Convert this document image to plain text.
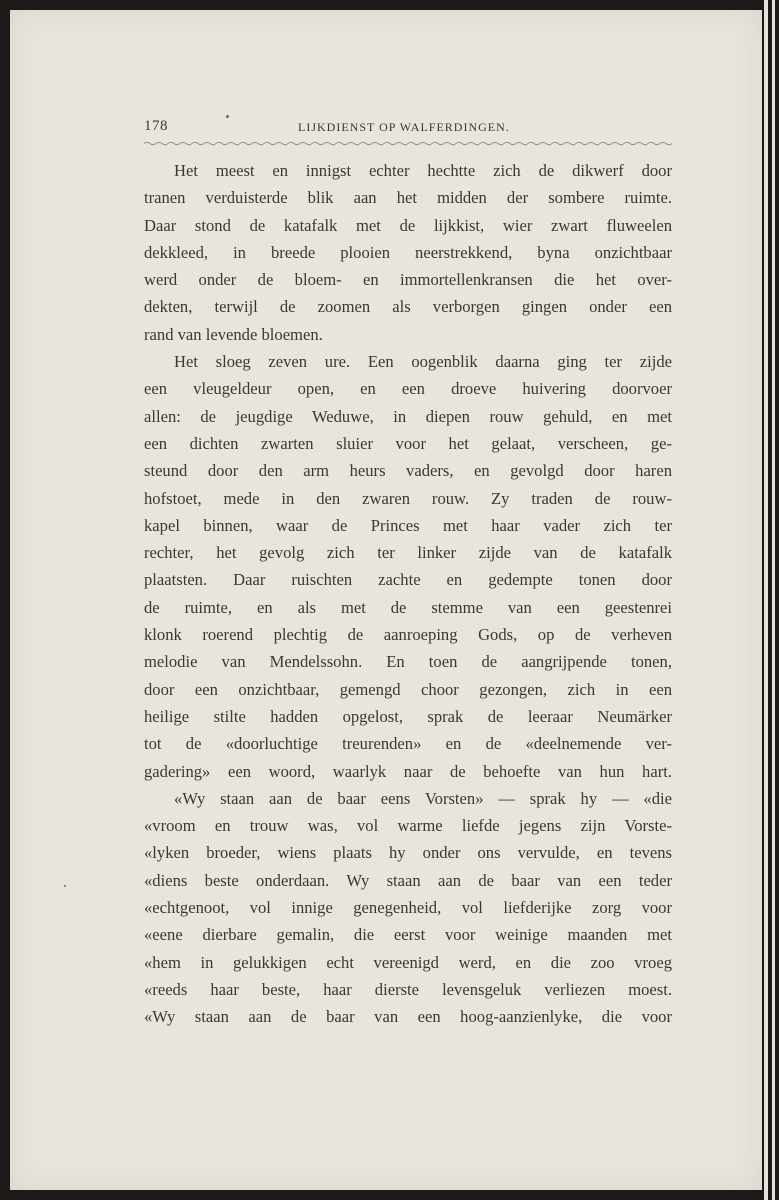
178	LIJKDIENST OP WALFERDINGEN.
Het meest en innigst echter hechtte zich de dikwerf door
tranen verduisterde blik aan het midden der sombere ruimte.
Daar stond de katafalk met de lijkkist, wier zwart fluweelen
dekkleed, in breede plooien neerstrekkend, byna onzichtbaar
werd onder de bloem- en immortellenkransen die het over-
dekten, terwijl de zoomen als verborgen gingen onder een
rand van levende bloemen.
Het sloeg zeven ure. Een oogenblik daarna ging ter zijde
een vleugeldeur open, en een droeve huivering doorvoer
allen: de jeugdige Weduwe, in diepen rouw gehuld, en met
een dichten zwarten sluier voor het gelaat, verscheen, ge-
steund door den arm heurs vaders, en gevolgd door haren
hofstoet, mede in den zwaren rouw. Zy traden de rouw-
kapel binnen, waar de Princes met haar vader zich ter
rechter, het gevolg zich ter linker zijde van de katafalk
plaatsten. Daar ruischten zachte en gedempte tonen door
de ruimte, en als met de stemme van een geestenrei
klonk roerend plechtig de aanroeping Gods, op de verheven
melodie van Mendelssohn. En toen de aangrijpende tonen,
door een onzichtbaar, gemengd choor gezongen, zich in een
heilige stilte hadden opgelost, sprak de leeraar Neumärker
tot de «doorluchtige treurenden» en de «deelnemende ver-
gadering» een woord, waarlyk naar de behoefte van hun hart.
«Wy staan aan de baar eens Vorsten» — sprak hy — «die
«vroom en trouw was, vol warme liefde jegens zijn Vorste-
«lyken broeder, wiens plaats hy onder ons vervulde, en tevens
«diens beste onderdaan. Wy staan aan de baar van een teder
«echtgenoot, vol innige genegenheid, vol liefderijke zorg voor
«eene dierbare gemalin, die eerst voor weinige maanden met
«hem in gelukkigen echt vereenigd werd, en die zoo vroeg
«reeds haar beste, haar dierste levensgeluk verliezen moest.
«Wy staan aan de baar van een hoog-aanzienlyke, die voor
